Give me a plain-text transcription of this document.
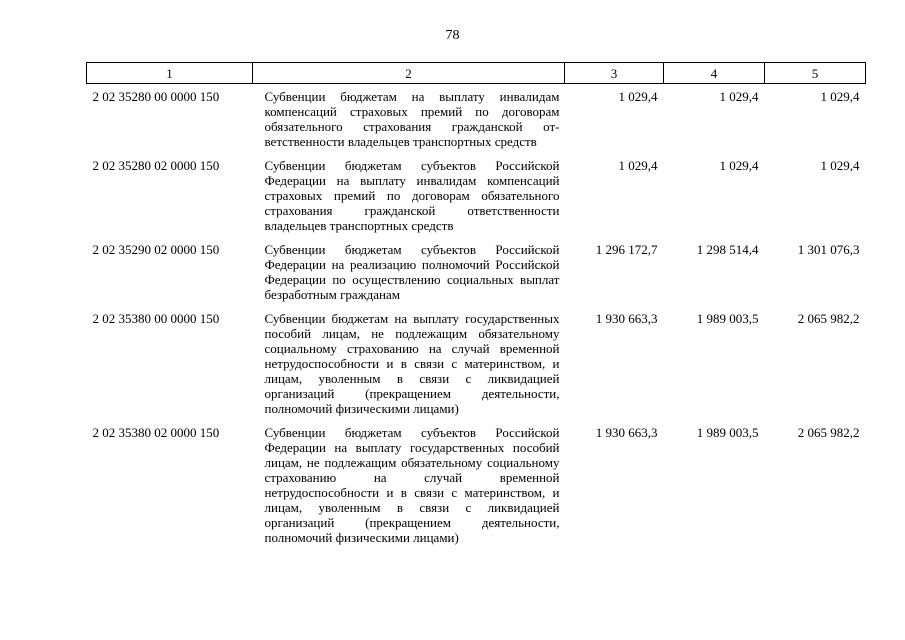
78
1	2	3	4	5
2 02 35280 00 0000 150	Субвенции бюджетам на выплату инвалидам компенсаций страховых премий по договорам обязательного страхования гражданской ответственности владельцев транспортных средств	1 029,4	1 029,4	1 029,4
2 02 35280 02 0000 150	Субвенции бюджетам субъектов Российской Федерации на выплату инвалидам компенсаций страховых премий по договорам обязательного страхования гражданской ответственности владельцев транспортных средств	1 029,4	1 029,4	1 029,4
2 02 35290 02 0000 150	Субвенции бюджетам субъектов Российской Федерации на реализацию полномочий Российской Федерации по осуществлению социальных выплат безработным гражданам	1 296 172,7	1 298 514,4	1 301 076,3
2 02 35380 00 0000 150	Субвенции бюджетам на выплату государственных пособий лицам, не подлежащим обязательному социальному страхованию на случай временной нетрудоспособности и в связи с материнством, и лицам, уволенным в связи с ликвидацией организаций (прекращением деятельности, полномочий физическими лицами)	1 930 663,3	1 989 003,5	2 065 982,2
2 02 35380 02 0000 150	Субвенции бюджетам субъектов Российской Федерации на выплату государственных пособий лицам, не подлежащим обязательному социальному страхованию на случай временной нетрудоспособности и в связи с материнством, и лицам, уволенным в связи с ликвидацией организаций (прекращением деятельности, полномочий физическими лицами)	1 930 663,3	1 989 003,5	2 065 982,2
